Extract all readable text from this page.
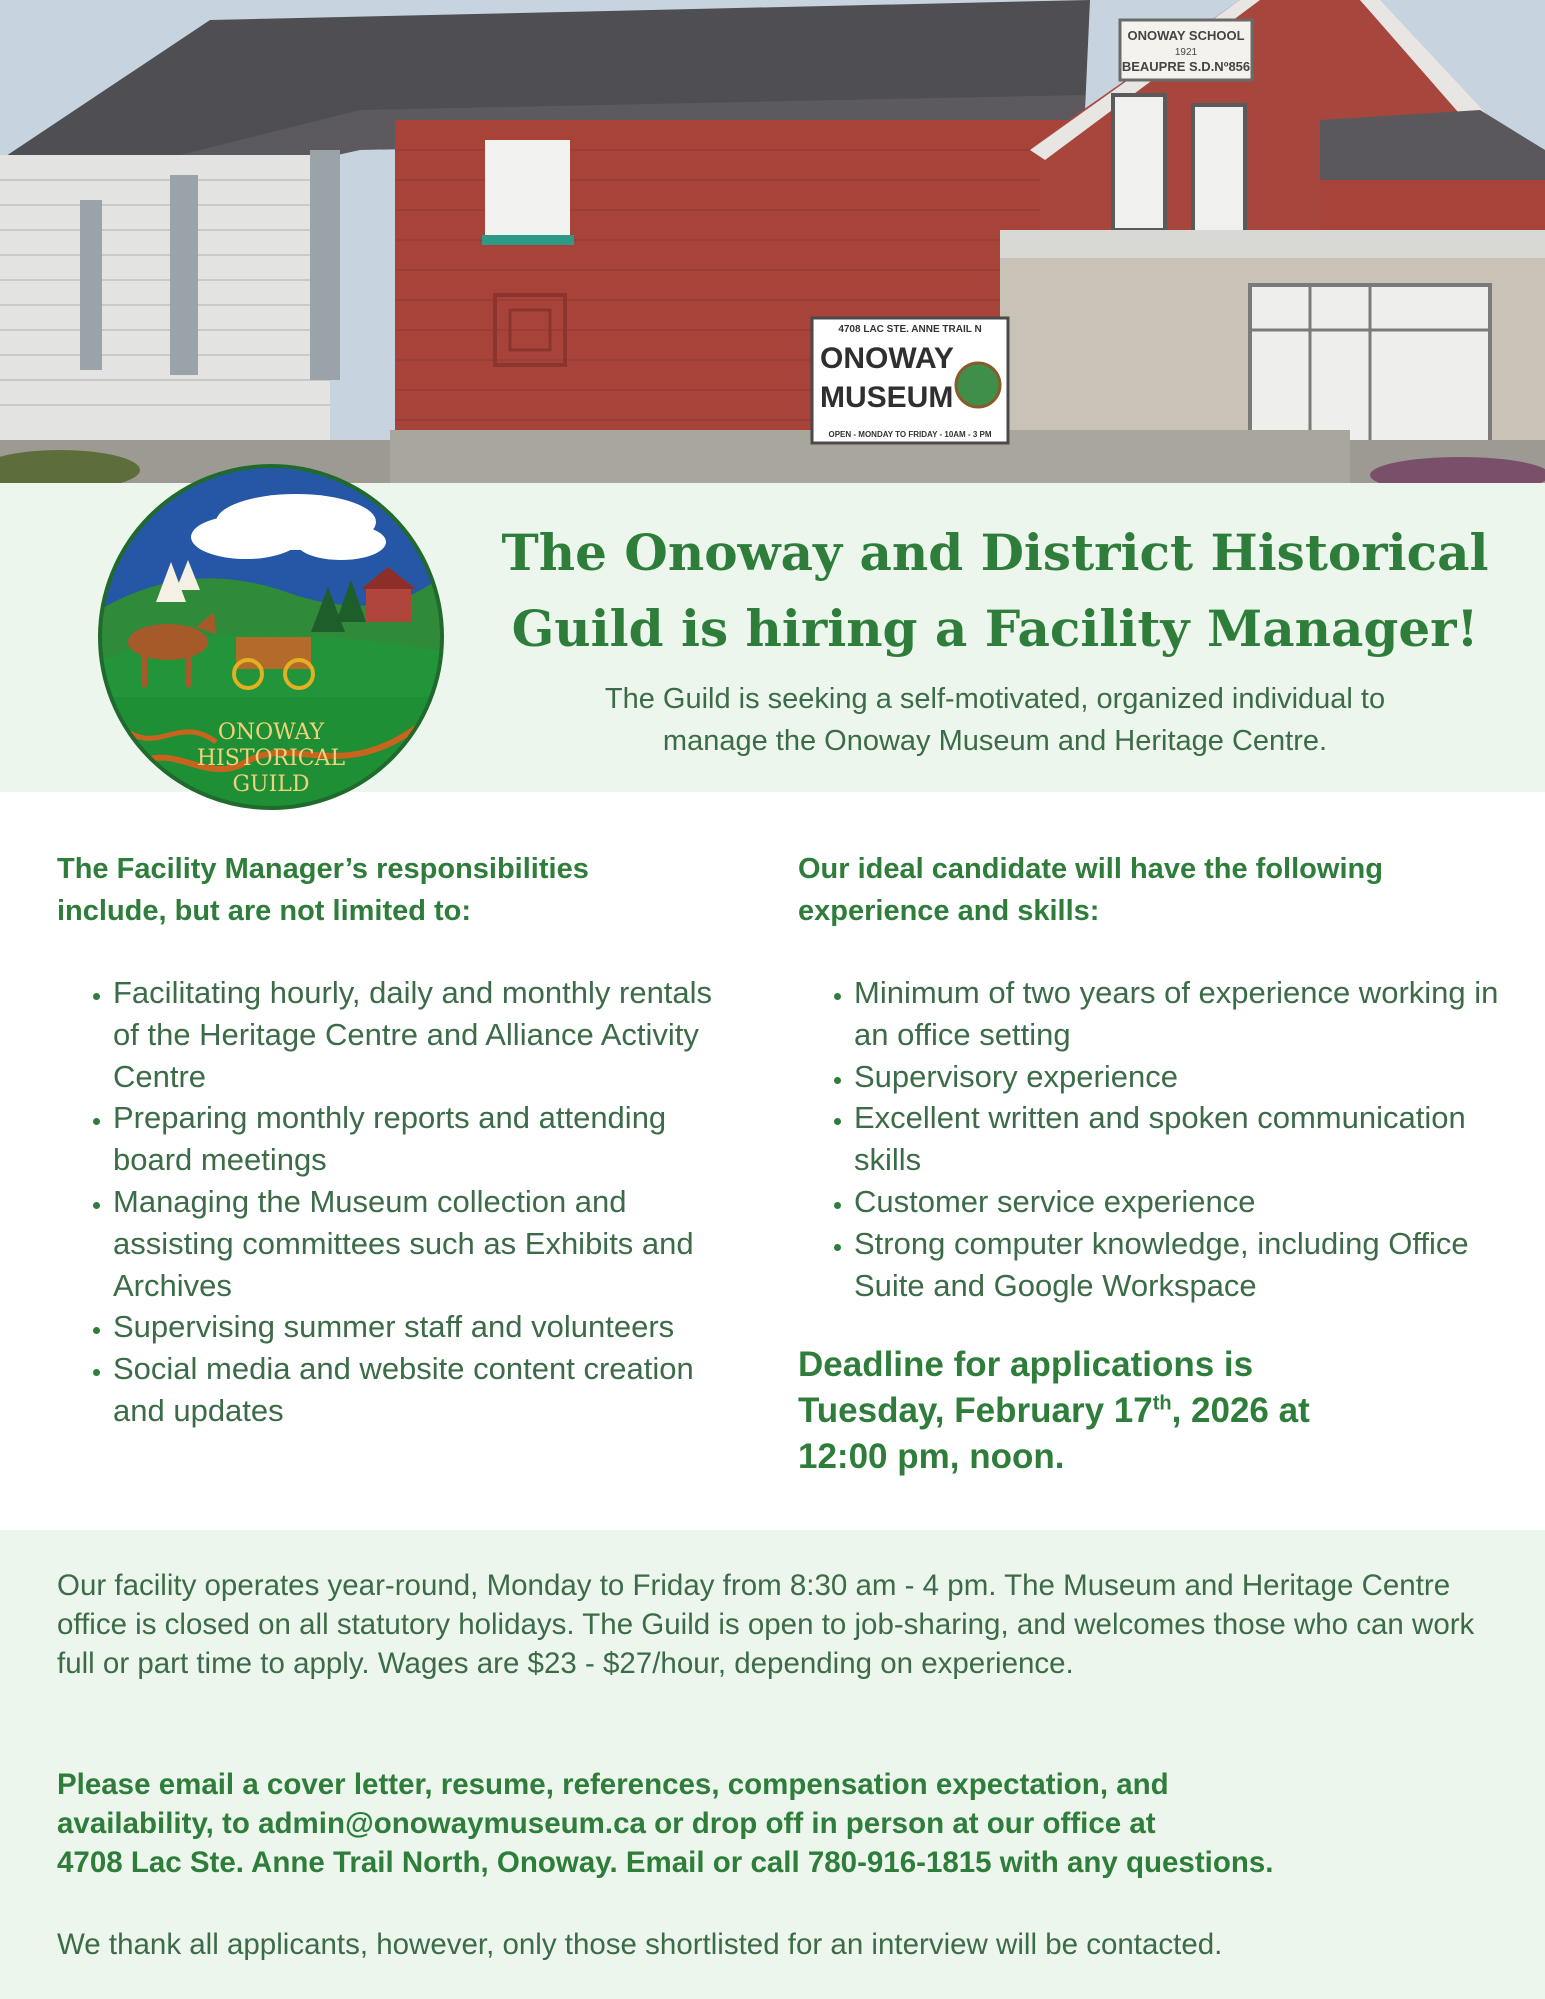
ONOWAY SCHOOL
1921
BEAUPRE S.D.Nº856
4708 LAC STE. ANNE TRAIL N
ONOWAY
MUSEUM
OPEN - MONDAY TO FRIDAY - 10AM - 3 PM
ONOWAY
HISTORICAL
GUILD
The Onoway and District Historical
Guild is hiring a Facility Manager!

The Guild is seeking a self-motivated, organized individual to
manage the Onoway Museum and Heritage Centre.

The Facility Manager’s responsibilities
include, but are not limited to:
• Facilitating hourly, daily and monthly rentals of the Heritage Centre and Alliance Activity Centre
• Preparing monthly reports and attending board meetings
• Managing the Museum collection and assisting committees such as Exhibits and Archives
• Supervising summer staff and volunteers
• Social media and website content creation and updates
Our ideal candidate will have the following
experience and skills:
• Minimum of two years of experience working in an office setting
• Supervisory experience
• Excellent written and spoken communication skills
• Customer service experience
• Strong computer knowledge, including Office Suite and Google Workspace

Deadline for applications is
Tuesday, February 17th, 2026 at
12:00 pm, noon.

Our facility operates year-round, Monday to Friday from 8:30 am - 4 pm. The Museum and Heritage Centre office is closed on all statutory holidays. The Guild is open to job-sharing, and welcomes those who can work full or part time to apply. Wages are $23 - $27/hour, depending on experience.

Please email a cover letter, resume, references, compensation expectation, and
availability, to admin@onowaymuseum.ca or drop off in person at our office at
4708 Lac Ste. Anne Trail North, Onoway. Email or call 780-916-1815 with any questions.

We thank all applicants, however, only those shortlisted for an interview will be contacted.
